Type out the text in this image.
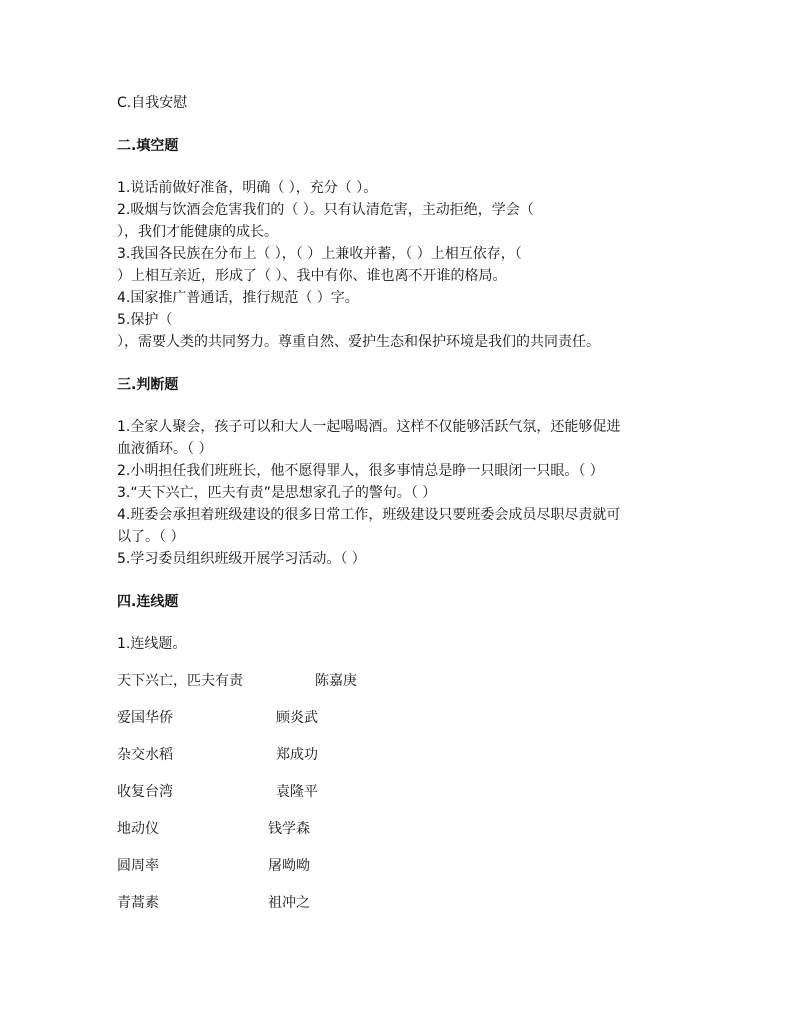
C.自我安慰
二.填空题
1.说话前做好准备，明确（ ），充分（ ）。
2.吸烟与饮酒会危害我们的（ ）。只有认清危害，主动拒绝，学会（
），我们才能健康的成长。
3.我国各民族在分布上（ ），（ ）上兼收并蓄，（ ）上相互依存，（
）上相互亲近，形成了（ ）、我中有你、谁也离不开谁的格局。
4.国家推广普通话，推行规范（ ）字。
5.保护（
），需要人类的共同努力。尊重自然、爱护生态和保护环境是我们的共同责任。
三.判断题
1.全家人聚会，孩子可以和大人一起喝喝酒。这样不仅能够活跃气氛，还能够促进
血液循环。（ ）
2.小明担任我们班班长，他不愿得罪人，很多事情总是睁一只眼闭一只眼。（ ）
3.“天下兴亡，匹夫有责”是思想家孔子的警句。（ ）
4.班委会承担着班级建设的很多日常工作，班级建设只要班委会成员尽职尽责就可
以了。（ ）
5.学习委员组织班级开展学习活动。（ ）
四.连线题
1.连线题。
天下兴亡，匹夫有责	陈嘉庚
爱国华侨	顾炎武
杂交水稻	郑成功
收复台湾	袁隆平
地动仪	钱学森
圆周率	屠呦呦
青蒿素	祖冲之
